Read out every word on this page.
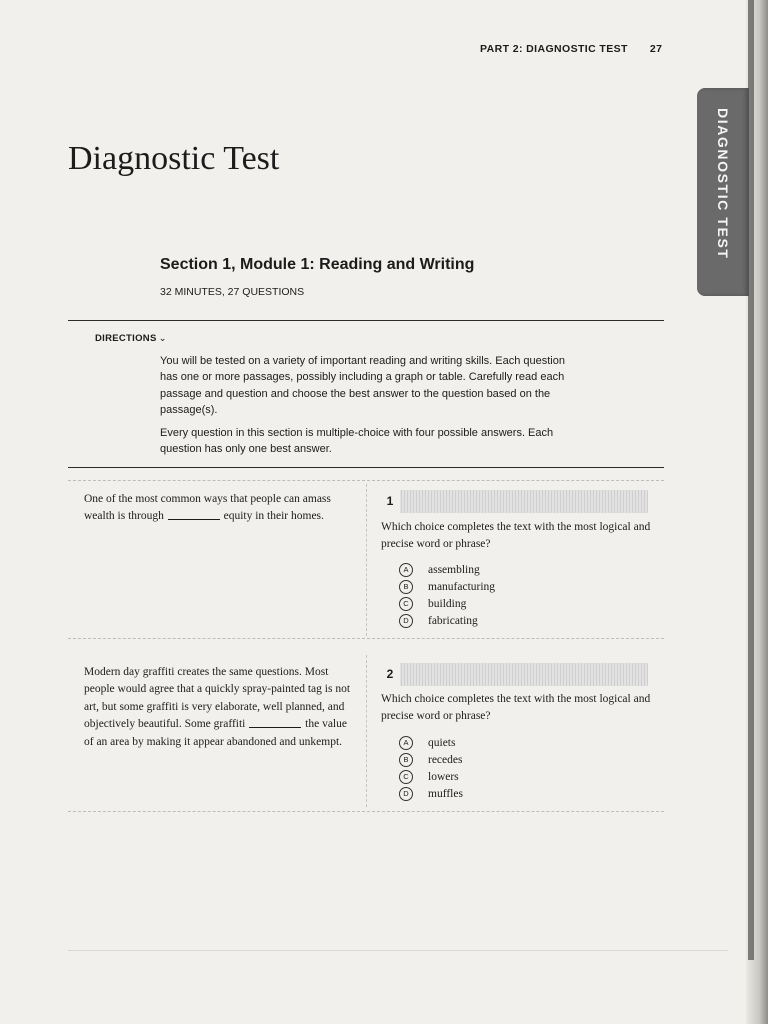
PART 2: DIAGNOSTIC TEST 27
DIAGNOSTIC TEST
Diagnostic Test
Section 1, Module 1: Reading and Writing
32 MINUTES, 27 QUESTIONS
DIRECTIONS ⌄
You will be tested on a variety of important reading and writing skills. Each question has one or more passages, possibly including a graph or table. Carefully read each passage and question and choose the best answer to the question based on the passage(s).
Every question in this section is multiple-choice with four possible answers. Each question has only one best answer.
One of the most common ways that people can amass wealth is through	equity in their homes.
1
Which choice completes the text with the most logical and precise word or phrase?
A	assembling
B	manufacturing
C	building
D	fabricating
Modern day graffiti creates the same questions. Most people would agree that a quickly spray-painted tag is not art, but some graffiti is very elaborate, well planned, and objectively beautiful. Some graffiti	the value of an area by making it appear abandoned and unkempt.
2
Which choice completes the text with the most logical and precise word or phrase?
A	quiets
B	recedes
C	lowers
D	muffles
